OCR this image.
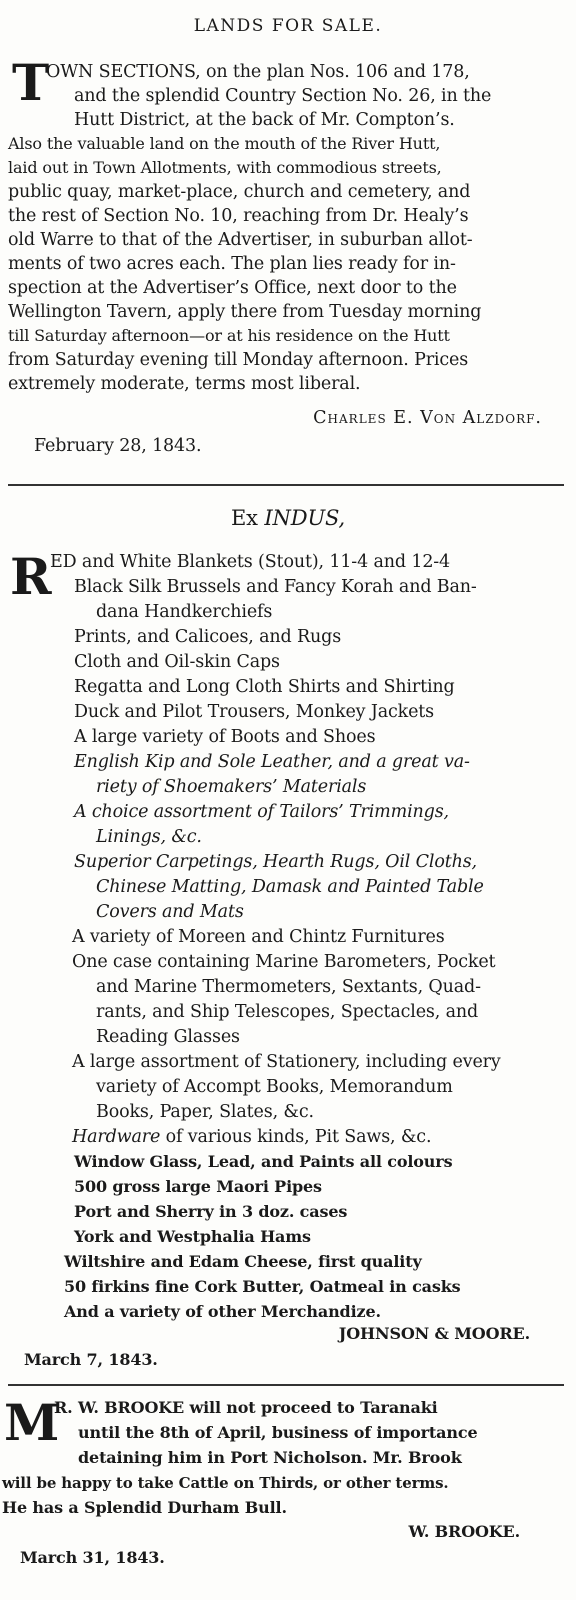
LANDS FOR SALE.
T
OWN SECTIONS, on the plan Nos. 106 and 178,
and the splendid Country Section No. 26, in the
Hutt District, at the back of Mr. Compton’s.
Also the valuable land on the mouth of the River Hutt,
laid out in Town Allotments, with commodious streets,
public quay, market-place, church and cemetery, and
the rest of Section No. 10, reaching from Dr. Healy’s
old Warre to that of the Advertiser, in suburban allot-
ments of two acres each. The plan lies ready for in-
spection at the Advertiser’s Office, next door to the
Wellington Tavern, apply there from Tuesday morning
till Saturday afternoon—or at his residence on the Hutt
from Saturday evening till Monday afternoon. Prices
extremely moderate, terms most liberal.
Charles E. Von Alzdorf.
February 28, 1843.
Ex INDUS,
R
ED and White Blankets (Stout), 11-4 and 12-4
Black Silk Brussels and Fancy Korah and Ban-
dana Handkerchiefs
Prints, and Calicoes, and Rugs
Cloth and Oil-skin Caps
Regatta and Long Cloth Shirts and Shirting
Duck and Pilot Trousers, Monkey Jackets
A large variety of Boots and Shoes
English Kip and Sole Leather, and a great va-
riety of Shoemakers’ Materials
A choice assortment of Tailors’ Trimmings,
Linings, &c.
Superior Carpetings, Hearth Rugs, Oil Cloths,
Chinese Matting, Damask and Painted Table
Covers and Mats
A variety of Moreen and Chintz Furnitures
One case containing Marine Barometers, Pocket
and Marine Thermometers, Sextants, Quad-
rants, and Ship Telescopes, Spectacles, and
Reading Glasses
A large assortment of Stationery, including every
variety of Accompt Books, Memorandum
Books, Paper, Slates, &c.
Hardware of various kinds, Pit Saws, &c.
Window Glass, Lead, and Paints all colours
500 gross large Maori Pipes
Port and Sherry in 3 doz. cases
York and Westphalia Hams
Wiltshire and Edam Cheese, first quality
50 firkins fine Cork Butter, Oatmeal in casks
And a variety of other Merchandize.
JOHNSON & MOORE.
March 7, 1843.
M
R. W. BROOKE will not proceed to Taranaki
until the 8th of April, business of importance
detaining him in Port Nicholson. Mr. Brook
will be happy to take Cattle on Thirds, or other terms.
He has a Splendid Durham Bull.
W. BROOKE.
March 31, 1843.
